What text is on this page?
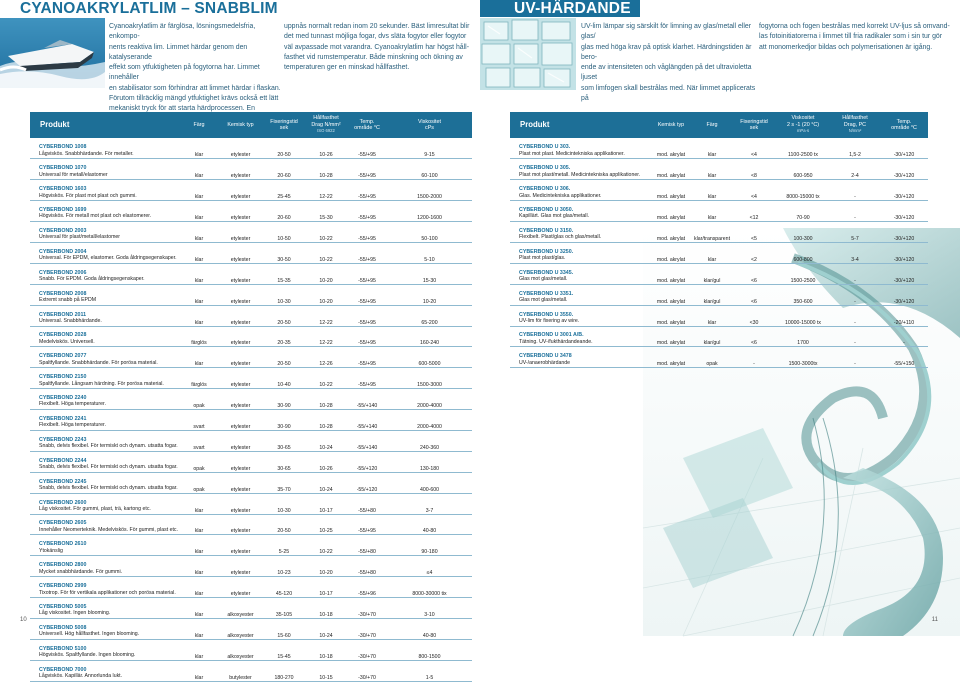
CYANOAKRYLATLIM – SNABBLIM
Cyanoakrylatlim är färglösa, lösningsmedelsfria, enkompo-
nents reaktiva lim. Limmet härdar genom den katalyserande
effekt som ytfuktigheten på fogytorna har. Limmet innehåller
en stabilisator som förhindrar att limmet härdar i flaskan.
Förutom tillräcklig mängd ytfuktighet krävs också ett lätt
mekaniskt tryck för att starta härdprocessen. En
uppnås normalt redan inom 20 sekunder. Bäst limresultat blir
det med tunnast möjliga fogar, dvs släta fogytor eller fogytor
väl avpassade mot varandra. Cyanoakrylatlim har högst håll-
fasthet vid rumstemperatur. Både minskning och ökning av
temperaturen ger en minskad hållfasthet.
Produkt	Färg	Kemisk typ	Fixeringstid
sek	Hållfasthet
Drag N/mm²
ISO 6922	Temp.
område °C	Viskositet
cPs

CYBERBOND 1008
Lågviskös. Snabbhärdande. För metaller.	klar	etylester	20-50	10-26	-55/+95	9-15

CYBERBOND 1070
Universal för metall/elastomer	klar	etylester	20-60	10-28	-55/+95	60-100

CYBERBOND 1603
Högviskös. För plast mot plast och gummi.	klar	etylester	25-45	12-22	-55/+95	1500-2000

CYBERBOND 1699
Högviskös. För metall mot plast och elastomerer.	klar	etylester	20-60	15-30	-55/+95	1200-1600

CYBERBOND 2003
Universal för plast/metall/elastomer	klar	etylester	10-50	10-22	-55/+95	50-100

CYBERBOND 2004
Universal. För EPDM, elastomer. Goda åldringsegenskaper.	klar	etylester	30-50	10-22	-55/+95	5-10

CYBERBOND 2006
Snabb. För EPDM. Goda åldringsegenskaper.	klar	etylester	15-35	10-20	-55/+95	15-30

CYBERBOND 2008
Extremt snabb på EPDM	klar	etylester	10-30	10-20	-55/+95	10-20

CYBERBOND 2011
Universal. Snabbhärdande.	klar	etylester	20-50	12-22	-55/+95	65-200

CYBERBOND 2028
Medelviskös. Universell.	färglös	etylester	20-35	12-22	-55/+95	160-240

CYBERBOND 2077
Spaltfyllande. Snabbhärdande. För porösa material.	klar	etylester	20-50	12-26	-55/+95	600-5000

CYBERBOND 2150
Spaltfyllande. Långsam härdning. För porösa material.	färglös	etylester	10-40	10-22	-55/+95	1500-3000

CYBERBOND 2240
Flexibelt. Höga temperaturer.	opak	etylester	30-90	10-28	-55/+140	2000-4000

CYBERBOND 2241
Flexibelt. Höga temperaturer.	svart	etylester	30-90	10-28	-55/+140	2000-4000

CYBERBOND 2243
Snabb, delvis flexibel. För termiskt och dynam. utsatta fogar.	svart	etylester	30-65	10-24	-55/+140	240-360

CYBERBOND 2244
Snabb, delvis flexibel. För termiskt och dynam. utsatta fogar.	opak	etylester	30-65	10-26	-55/+120	130-180

CYBERBOND 2245
Snabb, delvis flexibel. För termiskt och dynam. utsatta fogar.	opak	etylester	35-70	10-24	-55/+120	400-600

CYBERBOND 2600
Låg viskositet. För gummi, plast, trä, kartong etc.	klar	etylester	10-30	10-17	-55/+80	3-7

CYBERBOND 2605
Innehåller Neomerteknik. Medelviskös. För gummi, plast etc.	klar	etylester	20-50	10-25	-55/+95	40-80

CYBERBOND 2610
Ytokänslig	klar	etylester	5-25	10-22	-55/+80	90-180

CYBERBOND 2800
Mycket snabbhärdande. För gummi.	klar	etylester	10-23	10-20	-55/+80	≤4

CYBERBOND 2999
Tixotrop. För för vertikala applikationer och porösa material.	klar	etylester	45-120	10-17	-55/+96	8000-30000 tix

CYBERBOND 5005
Låg viskositet. Ingen blooming.	klar	alkoxyester	35-105	10-18	-30/+70	3-10

CYBERBOND 5008
Universell. Hög hållfasthet. Ingen blooming.	klar	alkoxyester	15-60	10-24	-30/+70	40-80

CYBERBOND 5100
Högviskös. Spaltfyllande. Ingen blooming.	klar	alkoxyester	15-45	10-18	-30/+70	800-1500

CYBERBOND 7000
Lågviskös. Kapillär. Annorlunda lukt.	klar	butylester	180-270	10-15	-30/+70	1-5
10
UV-HÄRDANDE
UV-lim lämpar sig särskilt för limning av glas/metall eller glas/
glas med höga krav på optisk klarhet. Härdningstiden är bero-
ende av intensiteten och våglängden på det ultravioletta ljuset
som limfogen skall bestrålas med. När limmet applicerats på
fogytorna och fogen bestrålas med korrekt UV-ljus så omvand-
las fotoinitiatorerna i limmet till fria radikaler som i sin tur gör
att monomerkedjor bildas och polymerisationen är igång.
Produkt	Kemisk typ	Färg	Fixeringstid
sek	Viskositet
2 s -1 (20 °C)
mPa·s	Hållfasthet
Drag, PC
N/mm²	Temp.
område °C

CYBERBOND U 303.
Plast mot plast. Medicintekniska applikationer.	mod. akrylat	klar	<4	1100-2500 tx	1,5-2	-30/+120

CYBERBOND U 305.
Plast mot plast/metall. Medicintekniska applikationer.	mod. akrylat	klar	<8	600-950	2-4	-30/+120

CYBERBOND U 306.
Glas. Medicintekniska applikationer.	mod. akrylat	klar	<4	8000-15000 tx	-	-30/+120

CYBERBOND U 3050.
Kapillärt. Glas mot glas/metall.	mod. akrylat	klar	<12	70-90	-	-30/+120

CYBERBOND U 3150.
Flexibelt. Plast/glas och glas/metall.	mod. akrylat	klar/transparent	<5	100-300	5-7	-30/+120

CYBERBOND U 3250.
Plast mot plast/glas.	mod. akrylat	klar	<2	600-800	3-4	-30/+120

CYBERBOND U 3345.
Glas mot glas/metall.	mod. akrylat	klar/gul	<6	1500-2500	-	-30/+120

CYBERBOND U 3351.
Glas mot glas/metall.	mod. akrylat	klar/gul	<6	350-600	-	-30/+120

CYBERBOND U 3550.
UV-lim för fixering av wire.	mod. akrylat	klar	<30	10000-15000 tx	-	-20/+110

CYBERBOND U 3001 A/B.
Tätning. UV-/fukthärdandeande.	mod. akrylat	klar/gul	<6	1700	-	-

CYBERBOND U 3478
UV-/anaerobhärdande	mod. akrylat	opak	-	1500-3000tx	-	-55/+150
11
